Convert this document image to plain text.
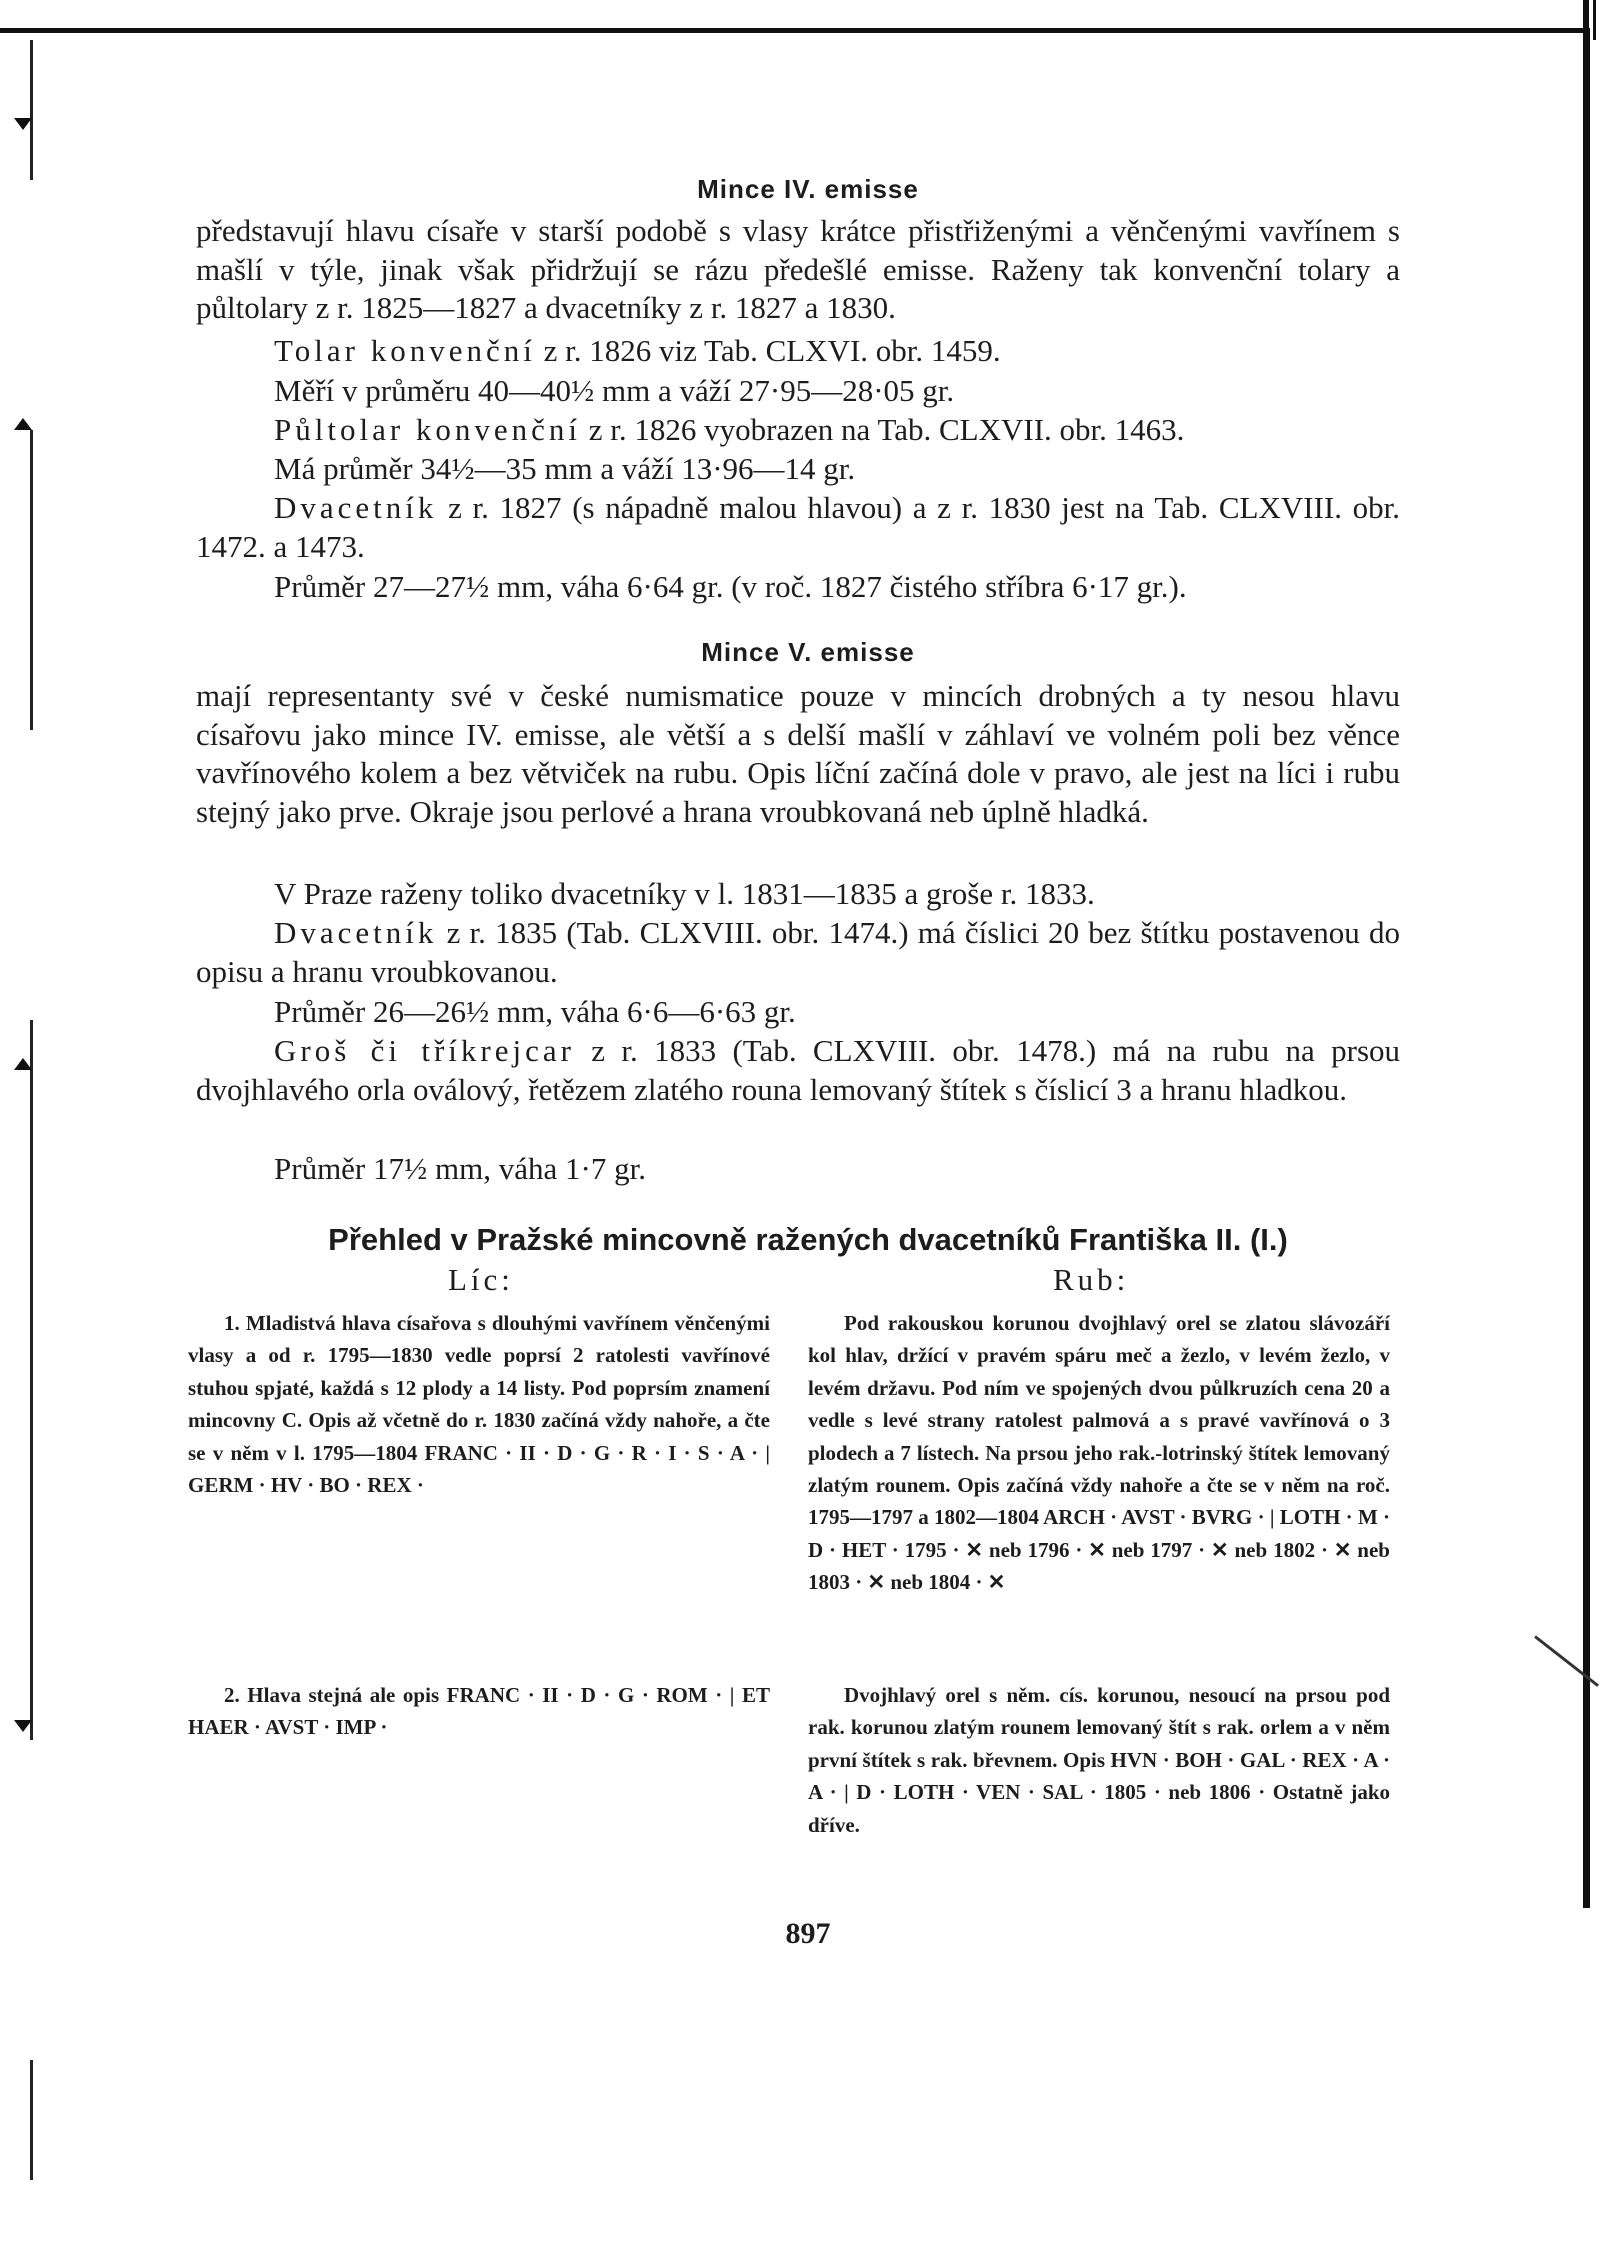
Mince IV. emisse

představují hlavu císaře v starší podobě s vlasy krátce přistřiženými a věnčenými vavřínem s mašlí v týle, jinak však přidržují se rázu předešlé emisse. Raženy tak konvenční tolary a půltolary z r. 1825—1827 a dvacetníky z r. 1827 a 1830.

Tolar konvenční z r. 1826 viz Tab. CLXVI. obr. 1459.

Měří v průměru 40—40½ mm a váží 27·95—28·05 gr.

Půltolar konvenční z r. 1826 vyobrazen na Tab. CLXVII. obr. 1463.

Má průměr 34½—35 mm a váží 13·96—14 gr.

Dvacetník z r. 1827 (s nápadně malou hlavou) a z r. 1830 jest na Tab. CLXVIII. obr. 1472. a 1473.

Průměr 27—27½ mm, váha 6·64 gr. (v roč. 1827 čistého stříbra 6·17 gr.).

Mince V. emisse

mají representanty své v české numismatice pouze v mincích drobných a ty nesou hlavu císařovu jako mince IV. emisse, ale větší a s delší mašlí v záhlaví ve volném poli bez věnce vavřínového kolem a bez větviček na rubu. Opis líční začíná dole v pravo, ale jest na líci i rubu stejný jako prve. Okraje jsou perlové a hrana vroubkovaná neb úplně hladká.

V Praze raženy toliko dvacetníky v l. 1831—1835 a groše r. 1833.

Dvacetník z r. 1835 (Tab. CLXVIII. obr. 1474.) má číslici 20 bez štítku postavenou do opisu a hranu vroubkovanou.

Průměr 26—26½ mm, váha 6·6—6·63 gr.

Groš či tříkrejcar z r. 1833 (Tab. CLXVIII. obr. 1478.) má na rubu na prsou dvojhlavého orla oválový, řetězem zlatého rouna lemovaný štítek s číslicí 3 a hranu hladkou.

Průměr 17½ mm, váha 1·7 gr.

Přehled v Pražské mincovně ražených dvacetníků Františka II. (I.)
Líc:	Rub:

1. Mladistvá hlava císařova s dlouhými vavřínem věnčenými vlasy a od r. 1795—1830 vedle poprsí 2 ratolesti vavřínové stuhou spjaté, každá s 12 plody a 14 listy. Pod poprsím znamení mincovny C. Opis až včetně do r. 1830 začíná vždy nahoře, a čte se v něm v l. 1795—1804 FRANC · II · D · G · R · I · S · A · | GERM · HV · BO · REX ·

2. Hlava stejná ale opis FRANC · II · D · G · ROM · | ET HAER · AVST · IMP ·

Pod rakouskou korunou dvojhlavý orel se zlatou slávozáří kol hlav, držící v pravém spáru meč a žezlo, v levém žezlo, v levém državu. Pod ním ve spojených dvou půlkruzích cena 20 a vedle s levé strany ratolest palmová a s pravé vavřínová o 3 plodech a 7 lístech. Na prsou jeho rak.-lotrinský štítek lemovaný zlatým rounem. Opis začíná vždy nahoře a čte se v něm na roč. 1795—1797 a 1802—1804 ARCH · AVST · BVRG · | LOTH · M · D · HET · 1795 · ✕ neb 1796 · ✕ neb 1797 · ✕ neb 1802 · ✕ neb 1803 · ✕ neb 1804 · ✕

Dvojhlavý orel s něm. cís. korunou, nesoucí na prsou pod rak. korunou zlatým rounem lemovaný štít s rak. orlem a v něm první štítek s rak. břevnem. Opis HVN · BOH · GAL · REX · A · A · | D · LOTH · VEN · SAL · 1805 · neb 1806 · Ostatně jako dříve.

897
